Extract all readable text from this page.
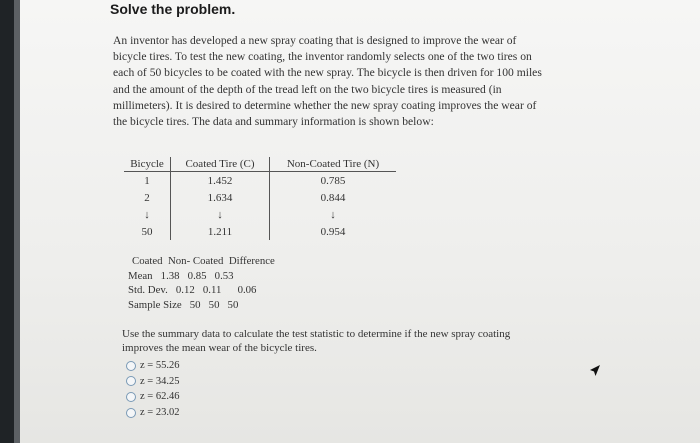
Solve the problem.

An inventor has developed a new spray coating that is designed to improve the wear of bicycle tires. To test the new coating, the inventor randomly selects one of the two tires on each of 50 bicycles to be coated with the new spray. The bicycle is then driven for 100 miles and the amount of the depth of the tread left on the two bicycle tires is measured (in millimeters). It is desired to determine whether the new spray coating improves the wear of the bicycle tires. The data and summary information is shown below:

Bicycle	Coated Tire (C)	Non-Coated Tire (N)
1	1.452	0.785
2	1.634	0.844
↓	↓	↓
50	1.211	0.954
Coated  Non- Coated  Difference
Mean   1.38   0.85   0.53
Std. Dev.   0.12   0.11      0.06
Sample Size   50   50   50
Use the summary data to calculate the test statistic to determine if the new spray coating improves the mean wear of the bicycle tires.
z = 55.26
z = 34.25
z = 62.46
z = 23.02
